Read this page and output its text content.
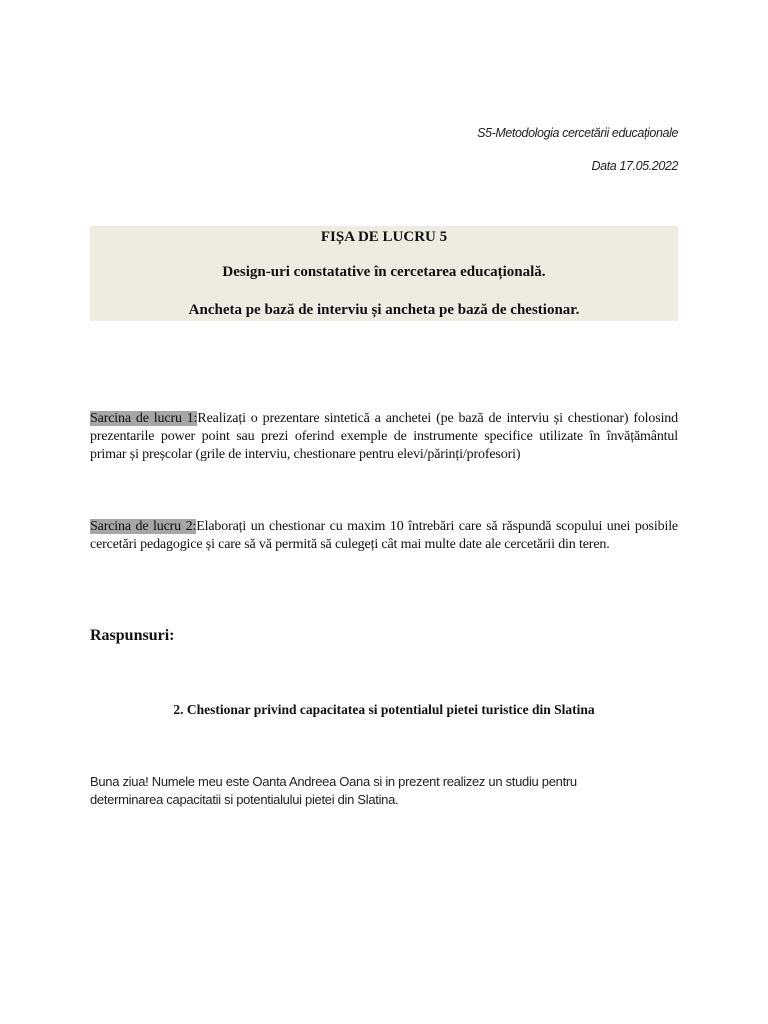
S5-Metodologia cercetării educaționale
Data 17.05.2022
FIȘA DE LUCRU 5
Design-uri constatative în cercetarea educațională.
Ancheta pe bază de interviu și ancheta pe bază de chestionar.
Sarcina de lucru 1:Realizați o prezentare sintetică a anchetei (pe bază de interviu și chestionar) folosind prezentarile power point sau prezi oferind exemple de instrumente specifice utilizate în învățământul primar și preșcolar (grile de interviu, chestionare pentru elevi/părinți/profesori)
Sarcina de lucru 2:Elaborați un chestionar cu maxim 10 întrebări care să răspundă scopului unei posibile cercetări pedagogice și care să vă permită să culegeți cât mai multe date ale cercetării din teren.
Raspunsuri:
2. Chestionar privind capacitatea si potentialul pietei turistice din Slatina
Buna ziua! Numele meu este Oanta Andreea Oana si in prezent realizez un studiu pentru determinarea capacitatii si potentialului pietei din Slatina.
